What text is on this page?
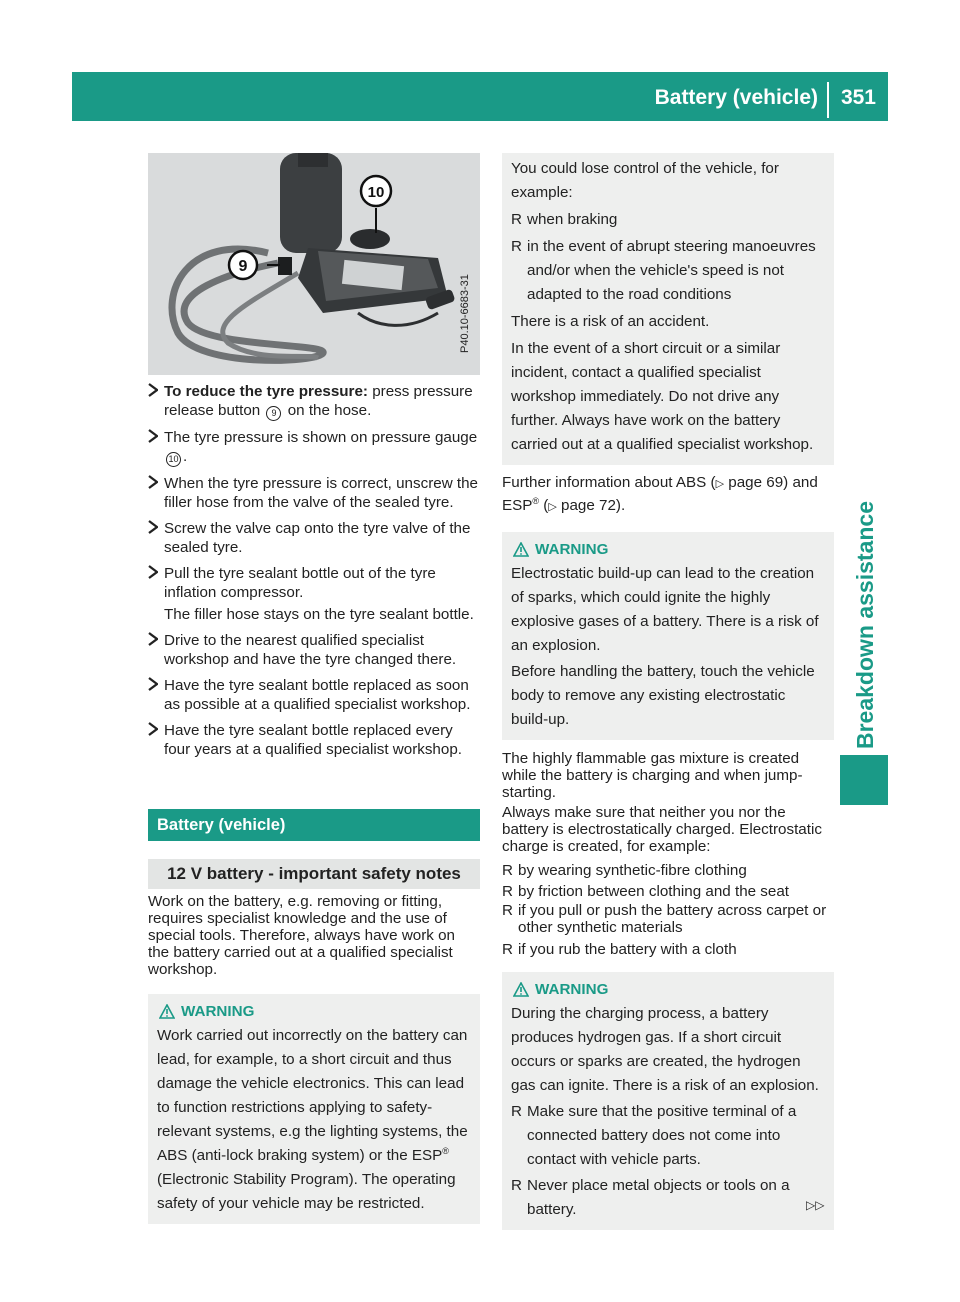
Battery (vehicle) 351
Breakdown assistance
9
10
P40.10-6683-31
To reduce the tyre pressure: press pressure release button 9 on the hose.
The tyre pressure is shown on pressure gauge 10 .
When the tyre pressure is correct, unscrew the filler hose from the valve of the sealed tyre.
Screw the valve cap onto the tyre valve of the sealed tyre.
Pull the tyre sealant bottle out of the tyre inflation compressor.
The filler hose stays on the tyre sealant bottle.
Drive to the nearest qualified specialist workshop and have the tyre changed there.
Have the tyre sealant bottle replaced as soon as possible at a qualified specialist workshop.
Have the tyre sealant bottle replaced every four years at a qualified specialist workshop.
Battery (vehicle)
12 V battery - important safety notes
Work on the battery, e.g. removing or fitting, requires specialist knowledge and the use of special tools. Therefore, always have work on the battery carried out at a qualified specialist workshop.
WARNING
Work carried out incorrectly on the battery can lead, for example, to a short circuit and thus damage the vehicle electronics. This can lead to function restrictions applying to safety-relevant systems, e.g the lighting systems, the ABS (anti-lock braking system) or the ESP® (Electronic Stability Program). The operating safety of your vehicle may be restricted.
You could lose control of the vehicle, for example:
R when braking
R in the event of abrupt steering manoeuvres and/or when the vehicle's speed is not adapted to the road conditions
There is a risk of an accident.
In the event of a short circuit or a similar incident, contact a qualified specialist workshop immediately. Do not drive any further. Always have work on the battery carried out at a qualified specialist workshop.
Further information about ABS (▷ page 69) and ESP® (▷ page 72).
WARNING
Electrostatic build-up can lead to the creation of sparks, which could ignite the highly explosive gases of a battery. There is a risk of an explosion.
Before handling the battery, touch the vehicle body to remove any existing electrostatic build-up.
The highly flammable gas mixture is created while the battery is charging and when jump-starting.
Always make sure that neither you nor the battery is electrostatically charged. Electrostatic charge is created, for example:
R by wearing synthetic-fibre clothing
R by friction between clothing and the seat
R if you pull or push the battery across carpet or other synthetic materials
R if you rub the battery with a cloth
WARNING
During the charging process, a battery produces hydrogen gas. If a short circuit occurs or sparks are created, the hydrogen gas can ignite. There is a risk of an explosion.
R Make sure that the positive terminal of a connected battery does not come into contact with vehicle parts.
R Never place metal objects or tools on a battery.	▷▷
